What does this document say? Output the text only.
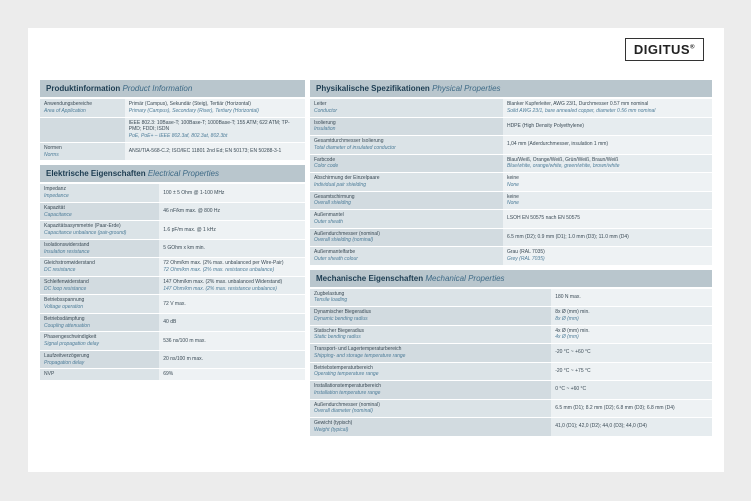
DIGITUS®
Produktinformation Product Information
Anwendungsbereiche
Area of Application	Primär (Campus), Sekundär (Steig), Tertiär (Horizontal)
Primary (Campus), Secondary (Riser), Tertiary (Horizontal)

	IEEE 802.3: 10Base-T; 100Base-T; 1000Base-T; 155 ATM; 622 ATM; TP-PMD; FDDI; ISDN
PoE, PoE+ – IEEE 802.3af, 802.3at, 802.3bt
Normen
Norms	ANSI/TIA-568-C.2; ISO/IEC 11801 2nd Ed; EN 50173; EN 50288-3-1

Elektrische Eigenschaften Electrical Properties
Impedanz
Impedance	100 ± 5 Ohm @ 1-100 MHz

Kapazität
Capacitance	46 nF/km max. @ 800 Hz

Kapazitätsasymmetrie (Paar-Erde)
Capacitance unbalance (pair-ground)	1.6 pF/m max. @ 1 kHz

Isolationswiderstand
Insulation resistance	5 GOhm x km min.

Gleichstromwiderstand
DC resistance	72 Ohm/km max. (2% max. unbalanced per Wire-Pair)
72 Ohm/km max. (2% max. resistance unbalance)
Schleifenwiderstand
DC loop resistance	147 Ohm/km max. (2% max. unbalanced Widerstand)
147 Ohm/km max. (2% max. resistance unbalance)
Betriebsspannung
Voltage operation	72 V max.

Betriebsdämpfung
Coupling attenuation	40 dB

Phasengeschwindigkeit
Signal propagation delay	536 ns/100 m max.

Laufzeitverzögerung
Propagation delay	20 ns/100 m max.

NVP	69%

Physikalische Spezifikationen Physical Properties
Leiter
Conductor	Blanker Kupferleiter, AWG 23/1, Durchmesser 0.57 mm nominal
Solid AWG 23/1, bare annealed copper, diameter 0.56 mm nominal
Isolierung
Insulation	HDPE (High Density Polyethylene)

Gesamtdurchmesser Isolierung
Total diameter of insulated conductor	1,04 mm (Aderdurchmesser, insulation 1 mm)

Farbcode
Color code	Blau/Weiß, Orange/Weiß, Grün/Weiß, Braun/Weiß
Blue/white, orange/white, green/white, brown/white
Abschirmung der Einzelpaare
Individual pair shielding	keine
None
Gesamtschirmung
Overall shielding	keine
None
Außenmantel
Outer sheath	LSOH EN 50575 nach EN 50575

Außendurchmesser (nominal)
Overall shielding (nominal)	6.5 mm (D2); 0.9 mm (D1); 1.0 mm (D3); 11.0 mm (D4)

Außenmantelfarbe
Outer sheath colour	Grau (RAL 7035)
Grey (RAL 7035)
Mechanische Eigenschaften Mechanical Properties
Zugbelastung
Tensile loading	180 N max.

Dynamischer Biegeradius
Dynamic bending radius	8x Ø (mm) min.
8x Ø (mm)
Statischer Biegeradius
Static bending radius	4x Ø (mm) min.
4x Ø (mm)
Transport- und Lagertemperaturbereich
Shipping- and storage temperature range	-20 °C ~ +60 °C

Betriebstemperaturbereich
Operating temperature range	-20 °C ~ +75 °C

Installationstemperaturbereich
Installation temperature range	0 °C ~ +60 °C

Außendurchmesser (nominal)
Overall diameter (nominal)	6.5 mm (D1); 8.2 mm (D2); 6.8 mm (D3); 6.8 mm (D4)

Gewicht (typisch)
Weight (typical)	41,0 (D1); 42,0 (D2); 44,0 (D3); 44,0 (D4)
